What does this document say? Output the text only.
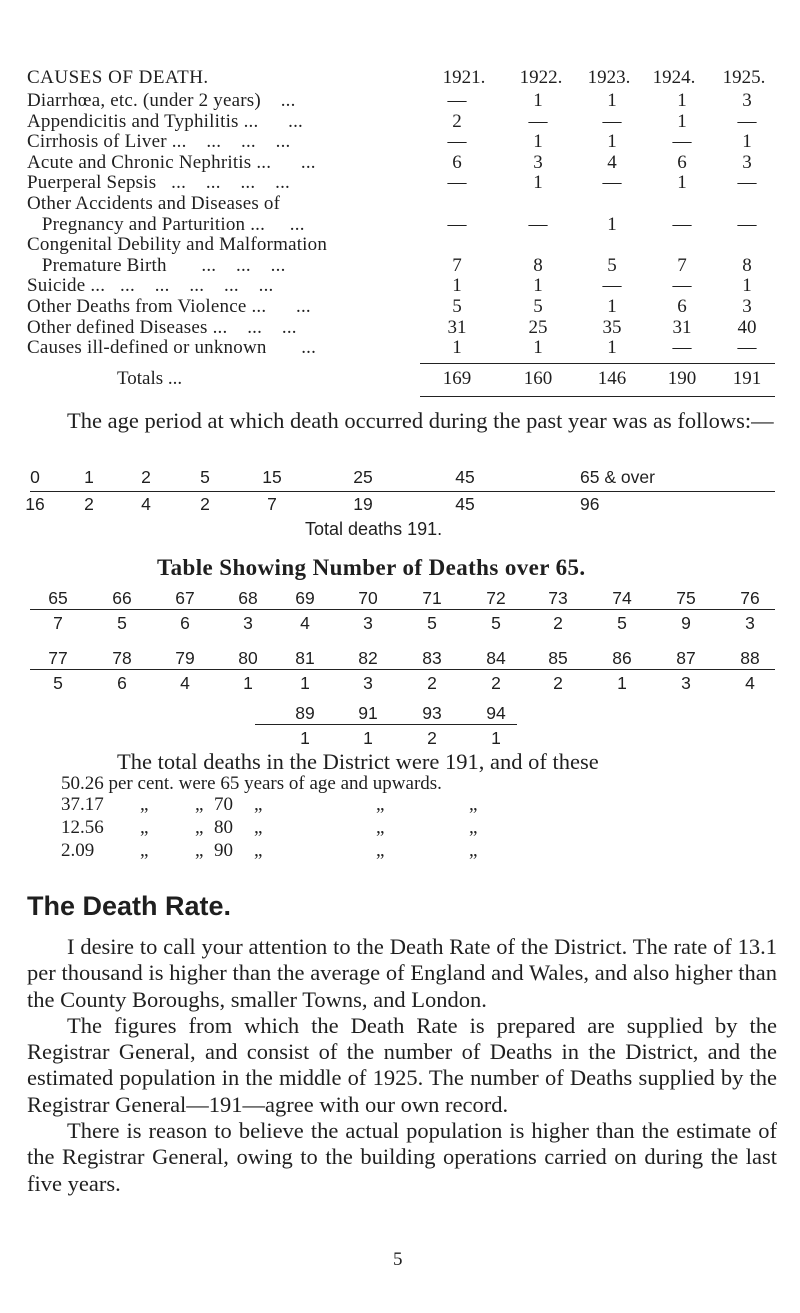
CAUSES OF DEATH.	1921.	1922.	1923.	1924.	1925.
Diarrhœa, etc. (under 2 years)    ...	—	1	1	1	3
Appendicitis and Typhilitis ...      ...	2	—	—	1	—
Cirrhosis of Liver ...    ...    ...    ...	—	1	1	—	1
Acute and Chronic Nephritis ...      ...	6	3	4	6	3
Puerperal Sepsis   ...    ...    ...    ...	—	1	—	1	—
Other Accidents and Diseases of
Pregnancy and Parturition ...     ...	—	—	1	—	—
Congenital Debility and Malformation
Premature Birth       ...    ...    ...	7	8	5	7	8
Suicide ...   ...    ...    ...    ...    ...	1	1	—	—	1
Other Deaths from Violence ...      ...	5	5	1	6	3
Other defined Diseases ...    ...    ...	31	25	35	31	40
Causes ill-defined or unknown       ...	1	1	1	—	—
Totals ...	169	160	146	190	191

The age period at which death occurred during the past year was as follows:—

0	1	2	5	15	25	45	65 & over
16	2	4	2	7	19	45	96
Total deaths 191.
Table Showing Number of Deaths over 65.
65	66	67	68	69	70	71	72	73	74	75	76
7	5	6	3	4	3	5	5	2	5	9	3
77	78	79	80	81	82	83	84	85	86	87	88
5	6	4	1	1	3	2	2	2	1	3	4
89	91	93	94
1	1	2	1
The total deaths in the District were 191, and of these
50.26 per cent. were 65 years of age and upwards.
37.17 „ „ 70 „	„	„
12.56 „ „ 80 „	„	„
2.09 „ „ 90 „	„	„
The Death Rate.

I desire to call your attention to the Death Rate of the District. The rate of 13.1 per thousand is higher than the average of England and Wales, and also higher than the County Boroughs, smaller Towns, and London.

The figures from which the Death Rate is prepared are supplied by the Registrar General, and consist of the number of Deaths in the District, and the estimated population in the middle of 1925. The number of Deaths supplied by the Registrar General—191—agree with our own record.

There is reason to believe the actual population is higher than the estimate of the Registrar General, owing to the building operations carried on during the last five years.

5
